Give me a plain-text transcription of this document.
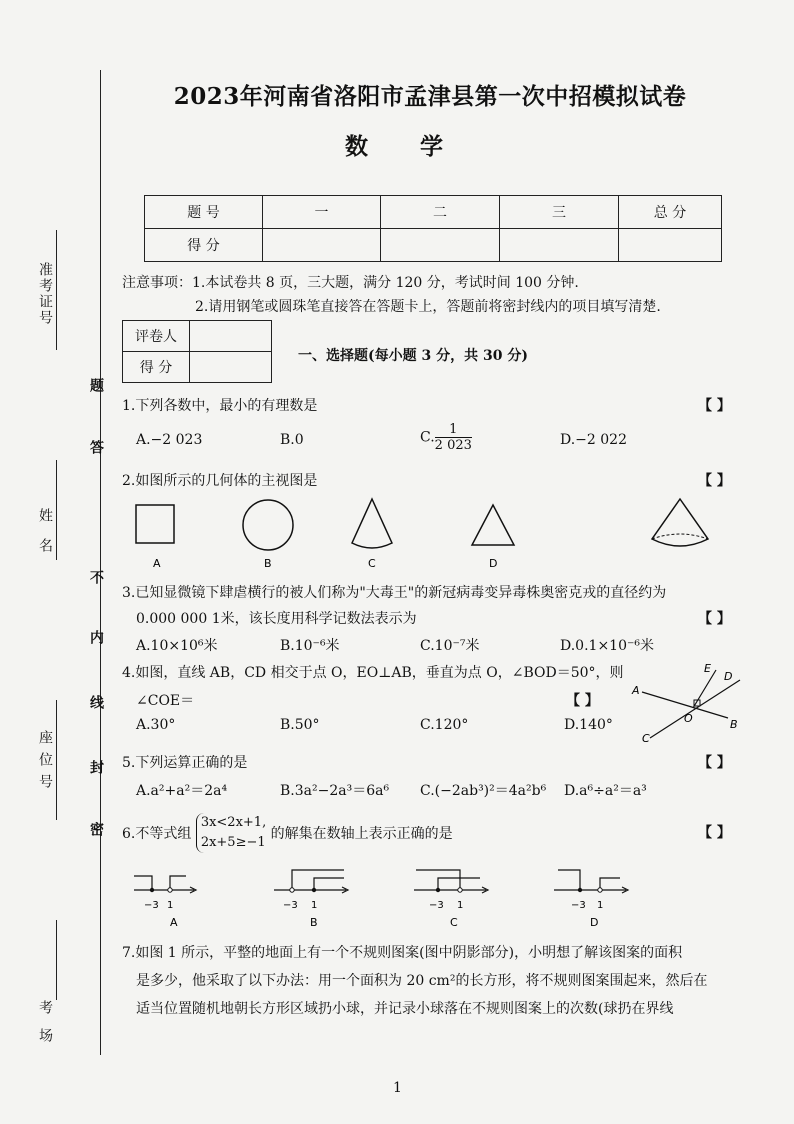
准考证号
姓名
座位号
考场
题
答
不
内
线
封
密
2023年河南省洛阳市孟津县第一次中招模拟试卷
数 学
题 号	一	二	三	总 分
得 分				
注意事项：1.本试卷共 8 页，三大题，满分 120 分，考试时间 100 分钟.
2.请用钢笔或圆珠笔直接答在答题卡上，答题前将密封线内的项目填写清楚.
评卷人	
得 分	
一、选择题(每小题 3 分，共 30 分)
1.下列各数中，最小的有理数是	【 】
A.−2 023	B.0	C. $\frac{1}{2 023}$	D.−2 022
2.如图所示的几何体的主视图是	【 】
A	B	C	D
3.已知显微镜下肆虐横行的被人们称为"大毒王"的新冠病毒变异毒株奥密克戎的直径约为
0.000 000 1米，该长度用科学记数法表示为	【 】
A.10×10⁶米	B.10⁻⁶米	C.10⁻⁷米	D.0.1×10⁻⁶米
4.如图，直线 AB，CD 相交于点 O，EO⊥AB，垂直为点 O，∠BOD＝50°，则
∠COE＝	【 】
A.30°	B.50°	C.120°	D.140°
A
B
C
D
E
O
5.下列运算正确的是	【 】
A.a²+a²＝2a⁴	B.3a²−2a³＝6a⁶ C.(−2ab³)²＝4a²b⁶ D.a⁶÷a²＝a³
6.不等式组
3x<2x+1,
2x+5≥−1
的解集在数轴上表示正确的是	【 】
−3 1
A
−3 1
B
−3 1
C
−3 1
D
7.如图 1 所示，平整的地面上有一个不规则图案(图中阴影部分)，小明想了解该图案的面积
是多少，他采取了以下办法：用一个面积为 20 cm²的长方形，将不规则图案围起来，然后在
适当位置随机地朝长方形区域扔小球，并记录小球落在不规则图案上的次数(球扔在界线
1
